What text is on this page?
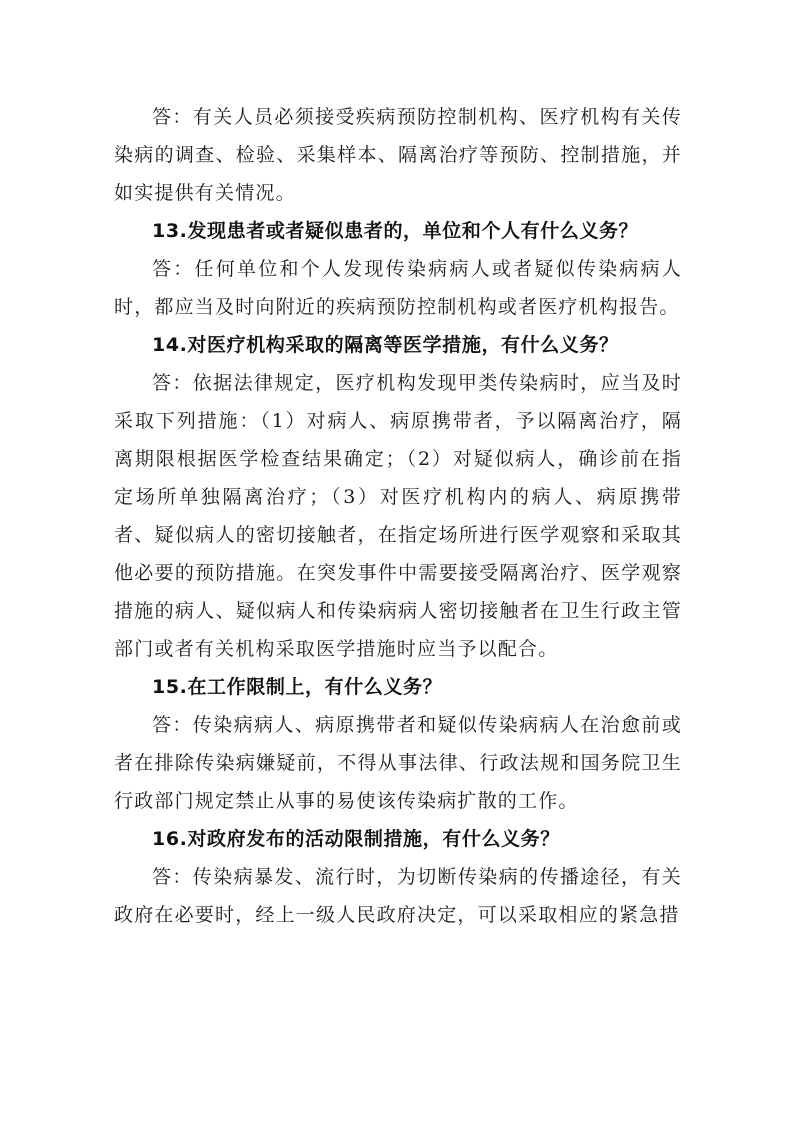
答：有关人员必须接受疾病预防控制机构、医疗机构有关传染病的调查、检验、采集样本、隔离治疗等预防、控制措施，并如实提供有关情况。

13.发现患者或者疑似患者的，单位和个人有什么义务？

答：任何单位和个人发现传染病病人或者疑似传染病病人时，都应当及时向附近的疾病预防控制机构或者医疗机构报告。

14.对医疗机构采取的隔离等医学措施，有什么义务？

答：依据法律规定，医疗机构发现甲类传染病时，应当及时采取下列措施：（1）对病人、病原携带者，予以隔离治疗，隔离期限根据医学检查结果确定；（2）对疑似病人，确诊前在指定场所单独隔离治疗；（3）对医疗机构内的病人、病原携带者、疑似病人的密切接触者，在指定场所进行医学观察和采取其他必要的预防措施。在突发事件中需要接受隔离治疗、医学观察措施的病人、疑似病人和传染病病人密切接触者在卫生行政主管部门或者有关机构采取医学措施时应当予以配合。

15.在工作限制上，有什么义务？

答：传染病病人、病原携带者和疑似传染病病人在治愈前或者在排除传染病嫌疑前，不得从事法律、行政法规和国务院卫生行政部门规定禁止从事的易使该传染病扩散的工作。

16.对政府发布的活动限制措施，有什么义务？

答：传染病暴发、流行时，为切断传染病的传播途径，有关政府在必要时，经上一级人民政府决定，可以采取相应的紧急措
